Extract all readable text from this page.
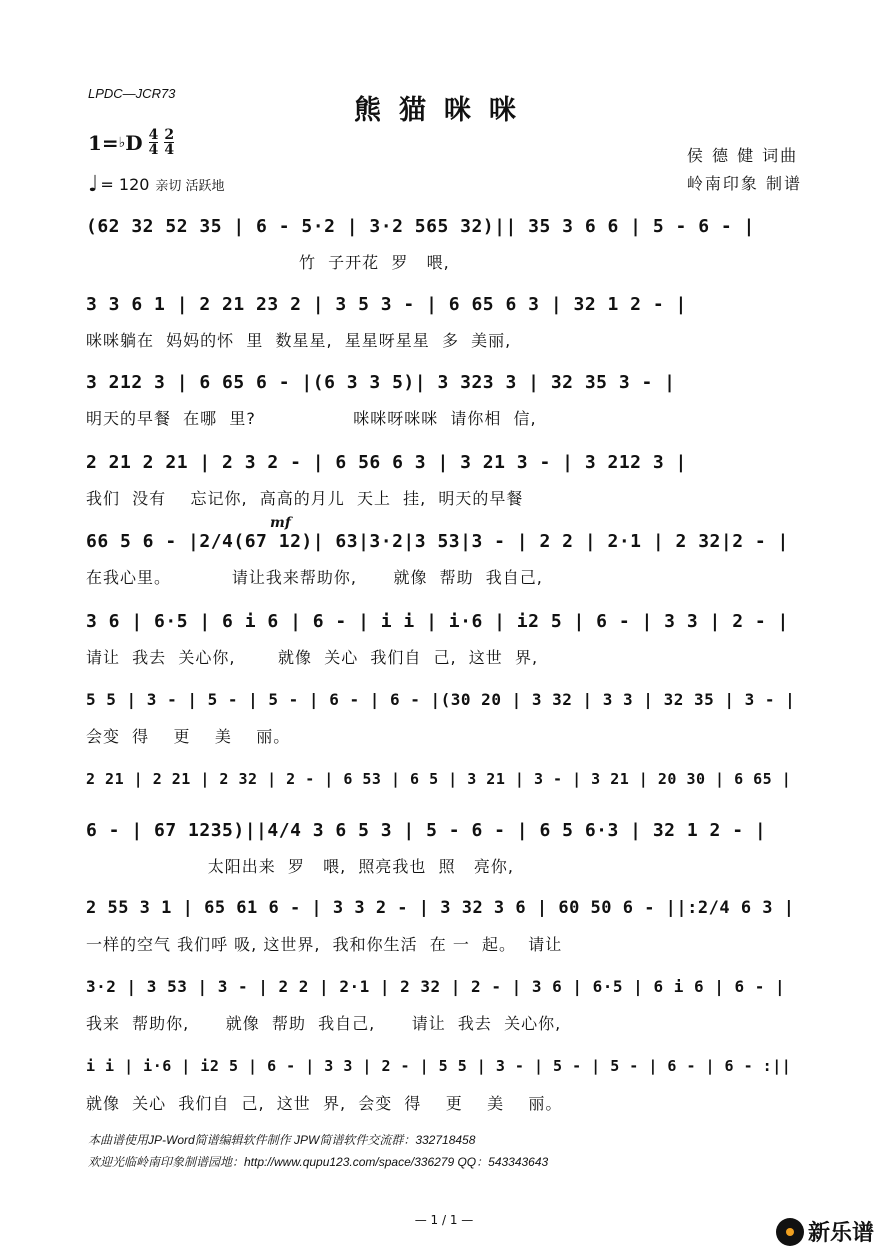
LPDC—JCR73
熊猫咪咪
1= ♭ D $\frac{4}{4} \frac{2}{4}$
♩ = 120 亲切 活跃地
侯 德 健 词曲
岭南印象 制谱
mf
(62 32 52 35 | 6 - 5·2 | 3·2 565 32)|| 35 3 6 6 | 5 - 6 - |
竹  子开花  罗   喂,
3 3 6 1 | 2 21 23 2 | 3 5 3 - | 6 65 6 3 | 32 1 2 - |
咪咪躺在  妈妈的怀  里  数星星,  星星呀星星  多  美丽,
3 212 3 | 6 65 6 - |(6 3 3 5)| 3 323 3 | 32 35 3 - |
明天的早餐  在哪  里?                咪咪呀咪咪  请你相  信,
2 21 2 21 | 2 3 2 - | 6 56 6 3 | 3 21 3 - | 3 212 3 |
我们  没有    忘记你,  高高的月儿  天上  挂,  明天的早餐
66 5 6 - |2/4(67 12)| 63|3·2|3 53|3 - | 2 2 | 2·1 | 2 32|2 - |
在我心里。          请让我来帮助你,      就像  帮助  我自己,
3 6 | 6·5 | 6 i 6 | 6 - | i i | i·6 | i2 5 | 6 - | 3 3 | 2 - |
请让  我去  关心你,       就像  关心  我们自  己,  这世  界,
5 5 | 3 - | 5 - | 5 - | 6 - | 6 - |(30 20 | 3 32 | 3 3 | 32 35 | 3 - |
会变  得    更    美    丽。
2 21 | 2 21 | 2 32 | 2 - | 6 53 | 6 5 | 3 21 | 3 - | 3 21 | 20 30 | 6 65 |
6 - | 67 1235)||4/4 3 6 5 3 | 5 - 6 - | 6 5 6·3 | 32 1 2 - |
太阳出来  罗   喂,  照亮我也  照   亮你,
2 55 3 1 | 65 61 6 - | 3 3 2 - | 3 32 3 6 | 60 50 6 - ||:2/4 6 3 |
一样的空气 我们呼 吸, 这世界,  我和你生活  在 一  起。  请让
3·2 | 3 53 | 3 - | 2 2 | 2·1 | 2 32 | 2 - | 3 6 | 6·5 | 6 i 6 | 6 - |
我来  帮助你,      就像  帮助  我自己,      请让  我去  关心你,
i i | i·6 | i2 5 | 6 - | 3 3 | 2 - | 5 5 | 3 - | 5 - | 5 - | 6 - | 6 - :||
就像  关心  我们自  己,  这世  界,  会变  得    更    美    丽。
本曲谱使用JP-Word简谱编辑软件制作 JPW简谱软件交流群：332718458
欢迎光临岭南印象制谱园地：http://www.qupu123.com/space/336279 QQ：543343643
— 1 / 1 —
新乐谱
